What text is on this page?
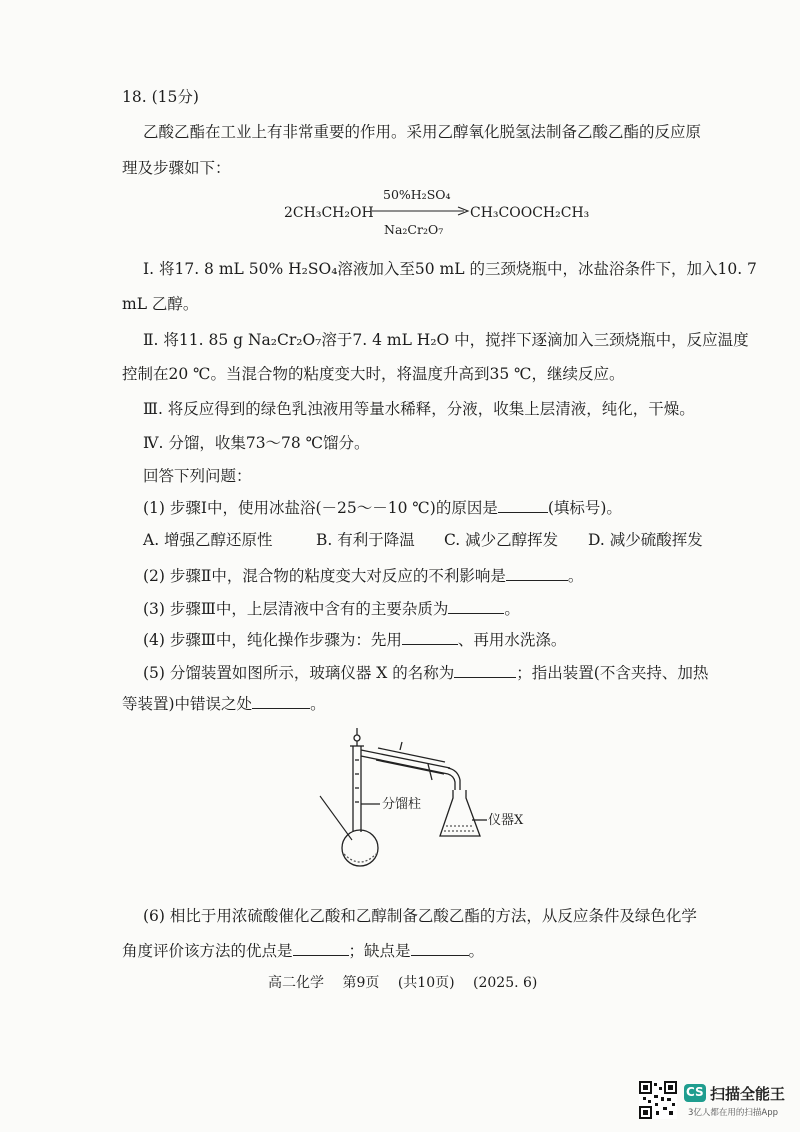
18. (15分)
乙酸乙酯在工业上有非常重要的作用。采用乙醇氧化脱氢法制备乙酸乙酯的反应原
理及步骤如下：
2CH₃CH₂OH
50%H₂SO₄
Na₂Cr₂O₇
CH₃COOCH₂CH₃
Ⅰ. 将17. 8 mL 50% H₂SO₄溶液加入至50 mL 的三颈烧瓶中，冰盐浴条件下，加入10. 7
mL 乙醇。
Ⅱ. 将11. 85 g Na₂Cr₂O₇溶于7. 4 mL H₂O 中，搅拌下逐滴加入三颈烧瓶中，反应温度
控制在20 ℃。当混合物的粘度变大时，将温度升高到35 ℃，继续反应。
Ⅲ. 将反应得到的绿色乳浊液用等量水稀释，分液，收集上层清液，纯化，干燥。
Ⅳ. 分馏，收集73～78 ℃馏分。
回答下列问题：
(1) 步骤Ⅰ中，使用冰盐浴(－25～－10 ℃)的原因是	(填标号)。
A. 增强乙醇还原性	B. 有利于降温 C. 减少乙醇挥发 D. 减少硫酸挥发
(2) 步骤Ⅱ中，混合物的粘度变大对反应的不利影响是	。
(3) 步骤Ⅲ中，上层清液中含有的主要杂质为	。
(4) 步骤Ⅲ中，纯化操作步骤为：先用	、再用水洗涤。
(5) 分馏装置如图所示，玻璃仪器 X 的名称为	；指出装置(不含夹持、加热
等装置)中错误之处	。
分馏柱
仪器X
(6) 相比于用浓硫酸催化乙酸和乙醇制备乙酸乙酯的方法，从反应条件及绿色化学
角度评价该方法的优点是	；缺点是	。
高二化学 第9页 (共10页) (2025. 6)
CS 扫描全能王
3亿人都在用的扫描App
